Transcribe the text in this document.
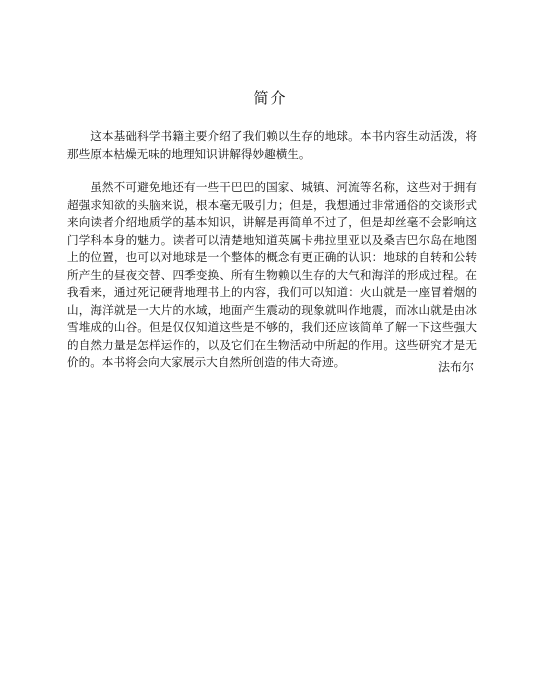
简介

这本基础科学书籍主要介绍了我们赖以生存的地球。本书内容生动活泼，将那些原本枯燥无味的地理知识讲解得妙趣横生。

虽然不可避免地还有一些干巴巴的国家、城镇、河流等名称，这些对于拥有超强求知欲的头脑来说，根本毫无吸引力；但是，我想通过非常通俗的交谈形式来向读者介绍地质学的基本知识，讲解是再简单不过了，但是却丝毫不会影响这门学科本身的魅力。读者可以清楚地知道英属卡弗拉里亚以及桑吉巴尔岛在地图上的位置，也可以对地球是一个整体的概念有更正确的认识：地球的自转和公转所产生的昼夜交替、四季变换、所有生物赖以生存的大气和海洋的形成过程。在我看来，通过死记硬背地理书上的内容，我们可以知道：火山就是一座冒着烟的山，海洋就是一大片的水域，地面产生震动的现象就叫作地震，而冰山就是由冰雪堆成的山谷。但是仅仅知道这些是不够的，我们还应该简单了解一下这些强大的自然力量是怎样运作的，以及它们在生物活动中所起的作用。这些研究才是无价的。本书将会向大家展示大自然所创造的伟大奇迹。	法布尔
